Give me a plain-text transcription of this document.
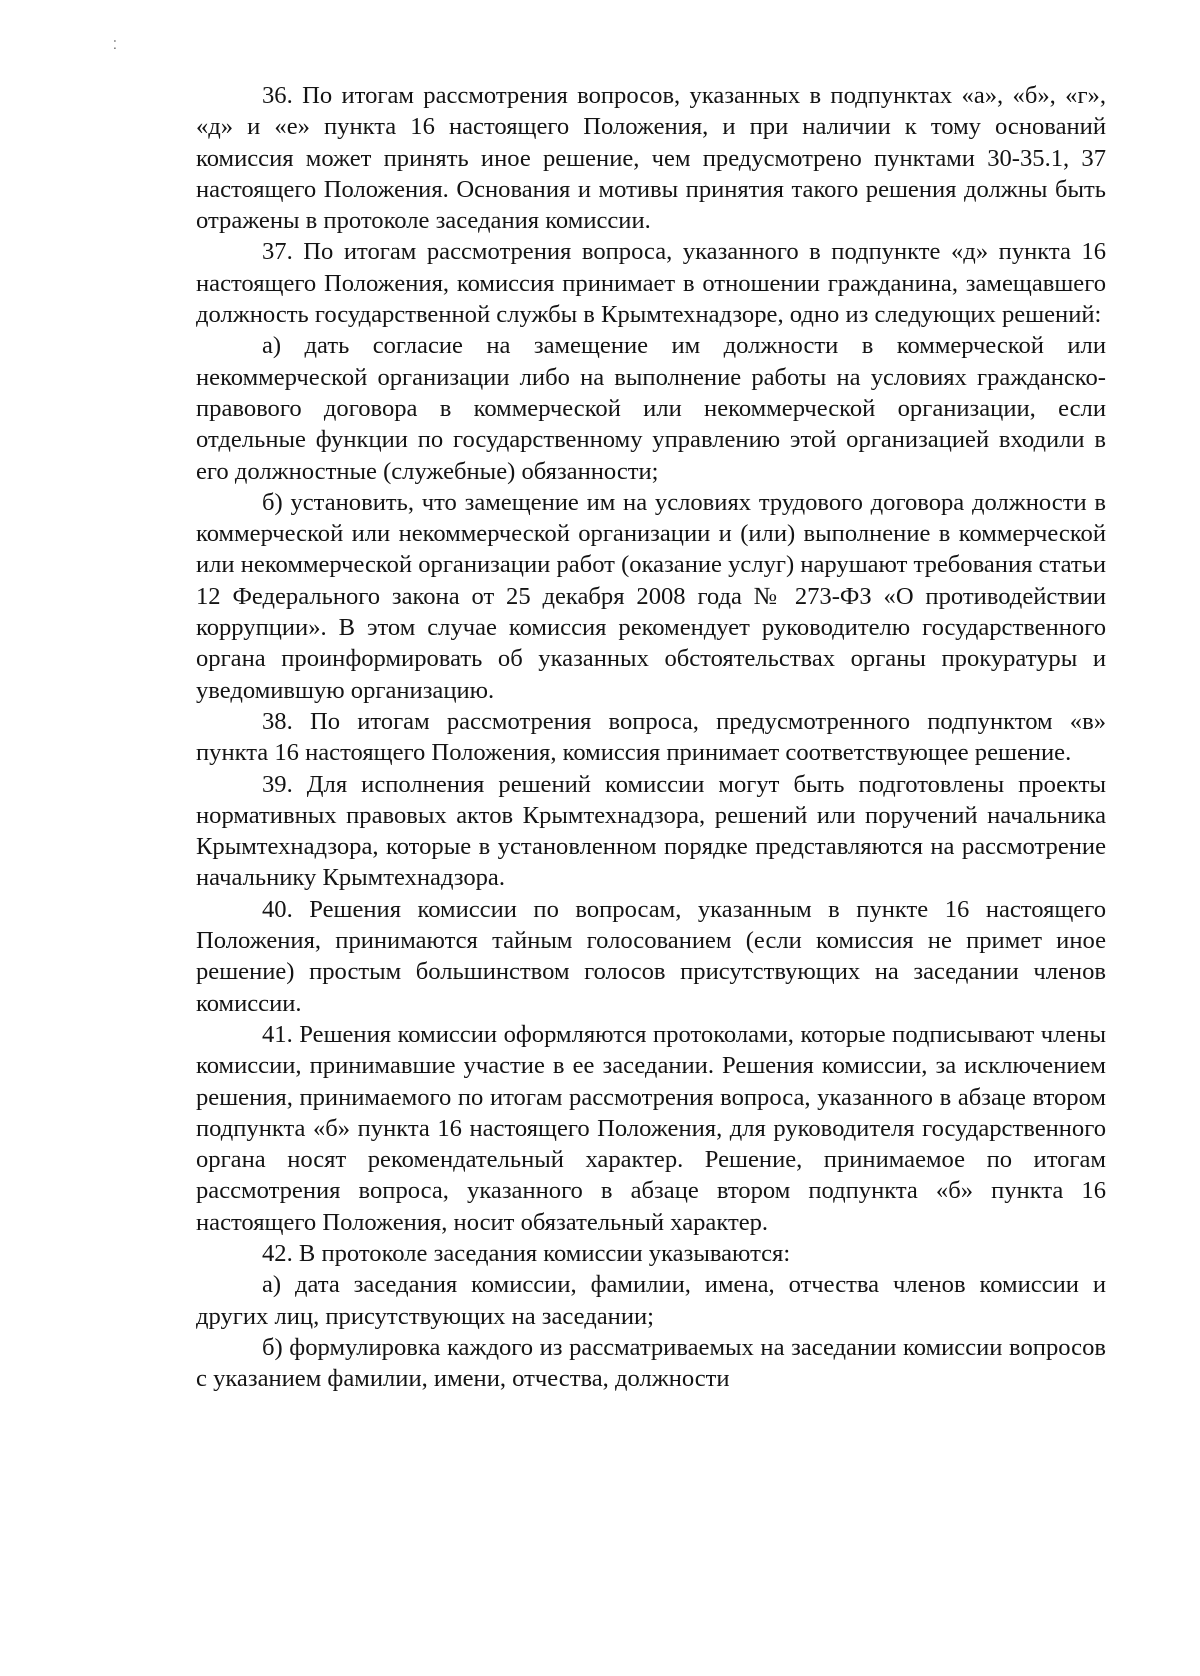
⁚

36. По итогам рассмотрения вопросов, указанных в подпунктах «а», «б», «г», «д» и «е» пункта 16 настоящего Положения, и при наличии к тому оснований комиссия может принять иное решение, чем предусмотрено пунктами 30-35.1, 37 настоящего Положения. Основания и мотивы принятия такого решения должны быть отражены в протоколе заседания комиссии.

37. По итогам рассмотрения вопроса, указанного в подпункте «д» пункта 16 настоящего Положения, комиссия принимает в отношении гражданина, замещавшего должность государственной службы в Крымтехнадзоре, одно из следующих решений:

а) дать согласие на замещение им должности в коммерческой или некоммерческой организации либо на выполнение работы на условиях гражданско-правового договора в коммерческой или некоммерческой организации, если отдельные функции по государственному управлению этой организацией входили в его должностные (служебные) обязанности;

б) установить, что замещение им на условиях трудового договора должности в коммерческой или некоммерческой организации и (или) выполнение в коммерческой или некоммерческой организации работ (оказание услуг) нарушают требования статьи 12 Федерального закона от 25 декабря 2008 года № 273-ФЗ «О противодействии коррупции». В этом случае комиссия рекомендует руководителю государственного органа проинформировать об указанных обстоятельствах органы прокуратуры и уведомившую организацию.

38. По итогам рассмотрения вопроса, предусмотренного подпунктом «в» пункта 16 настоящего Положения, комиссия принимает соответствующее решение.

39. Для исполнения решений комиссии могут быть подготовлены проекты нормативных правовых актов Крымтехнадзора, решений или поручений начальника Крымтехнадзора, которые в установленном порядке представляются на рассмотрение начальнику Крымтехнадзора.

40. Решения комиссии по вопросам, указанным в пункте 16 настоящего Положения, принимаются тайным голосованием (если комиссия не примет иное решение) простым большинством голосов присутствующих на заседании членов комиссии.

41. Решения комиссии оформляются протоколами, которые подписывают члены комиссии, принимавшие участие в ее заседании. Решения комиссии, за исключением решения, принимаемого по итогам рассмотрения вопроса, указанного в абзаце втором подпункта «б» пункта 16 настоящего Положения, для руководителя государственного органа носят рекомендательный характер. Решение, принимаемое по итогам рассмотрения вопроса, указанного в абзаце втором подпункта «б» пункта 16 настоящего Положения, носит обязательный характер.

42. В протоколе заседания комиссии указываются:

а) дата заседания комиссии, фамилии, имена, отчества членов комиссии и других лиц, присутствующих на заседании;

б) формулировка каждого из рассматриваемых на заседании комиссии вопросов с указанием фамилии, имени, отчества, должности
